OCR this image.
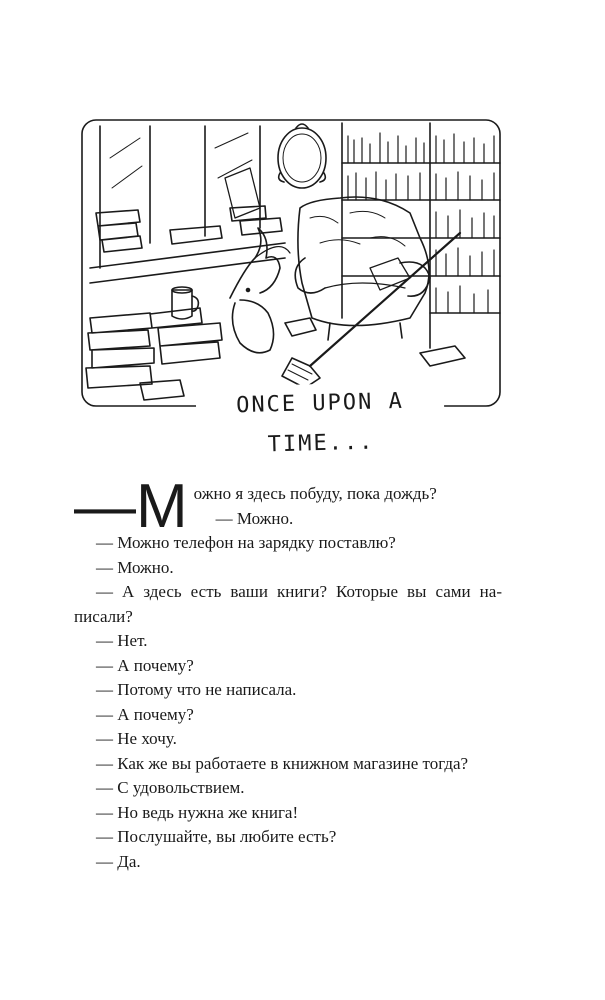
ONCE UPON A TIME...

—М ожно я здесь побуду, пока дождь?

— Можно.

— Можно телефон на зарядку поставлю?

— Можно.

— А здесь есть ваши книги? Которые вы сами написали?

— Нет.

— А почему?

— Потому что не написала.

— А почему?

— Не хочу.

— Как же вы работаете в книжном магазине тогда?

— С удовольствием.

— Но ведь нужна же книга!

— Послушайте, вы любите есть?

— Да.
